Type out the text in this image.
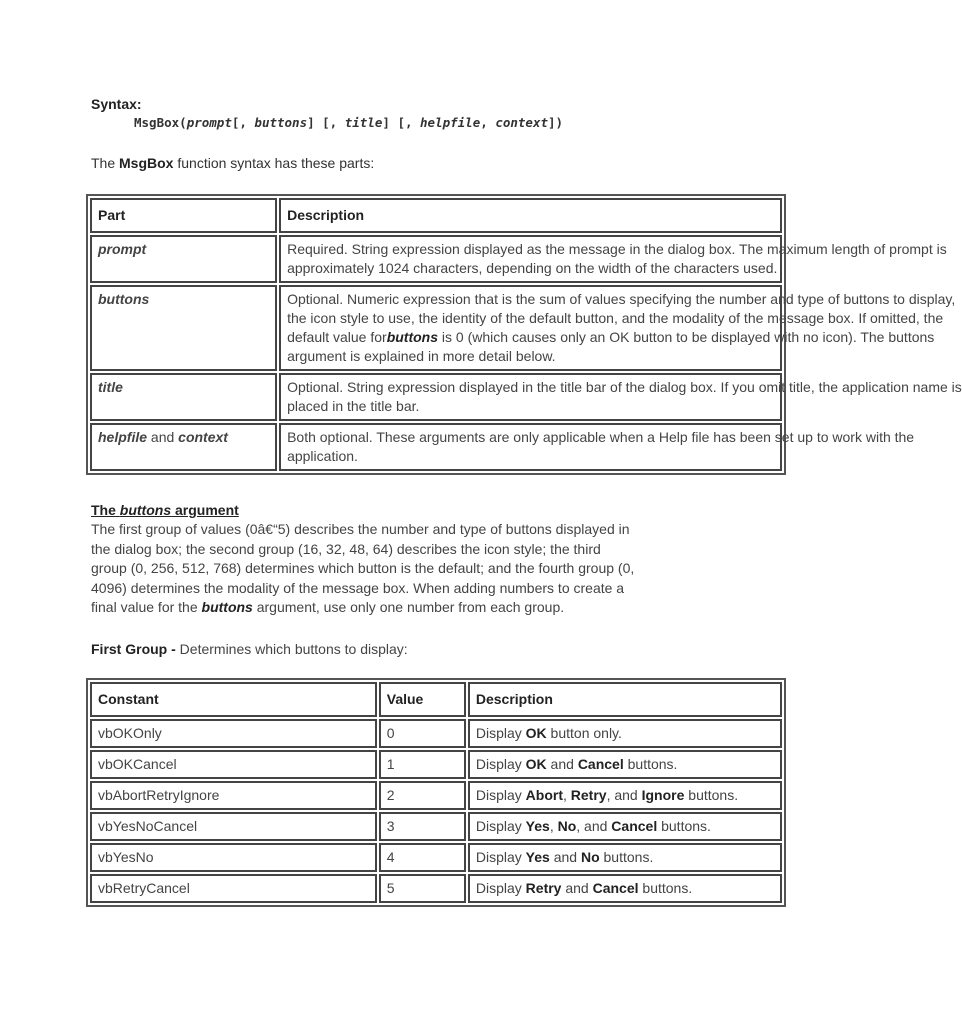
Syntax:
MsgBox(prompt[, buttons] [, title] [, helpfile, context])
The MsgBox function syntax has these parts:
Part	Description
prompt	Required. String expression displayed as the message in the dialog box. The maximum length of prompt is
approximately 1024 characters, depending on the width of the characters used.

buttons	Optional. Numeric expression that is the sum of values specifying the number and type of buttons to display,
the icon style to use, the identity of the default button, and the modality of the message box. If omitted, the
default value forbuttons is 0 (which causes only an OK button to be displayed with no icon). The buttons
argument is explained in more detail below.

title	Optional. String expression displayed in the title bar of the dialog box. If you omit title, the application name is
placed in the title bar.

helpfile and context	Both optional. These arguments are only applicable when a Help file has been set up to work with the
application.
The buttons argument
The first group of values (0â€“5) describes the number and type of buttons displayed in
the dialog box; the second group (16, 32, 48, 64) describes the icon style; the third
group (0, 256, 512, 768) determines which button is the default; and the fourth group (0,
4096) determines the modality of the message box. When adding numbers to create a
final value for the buttons argument, use only one number from each group.
First Group - Determines which buttons to display:
Constant	Value	Description
vbOKOnly	0	Display OK button only.
vbOKCancel	1	Display OK and Cancel buttons.
vbAbortRetryIgnore	2	Display Abort, Retry, and Ignore buttons.
vbYesNoCancel	3	Display Yes, No, and Cancel buttons.
vbYesNo	4	Display Yes and No buttons.
vbRetryCancel	5	Display Retry and Cancel buttons.
